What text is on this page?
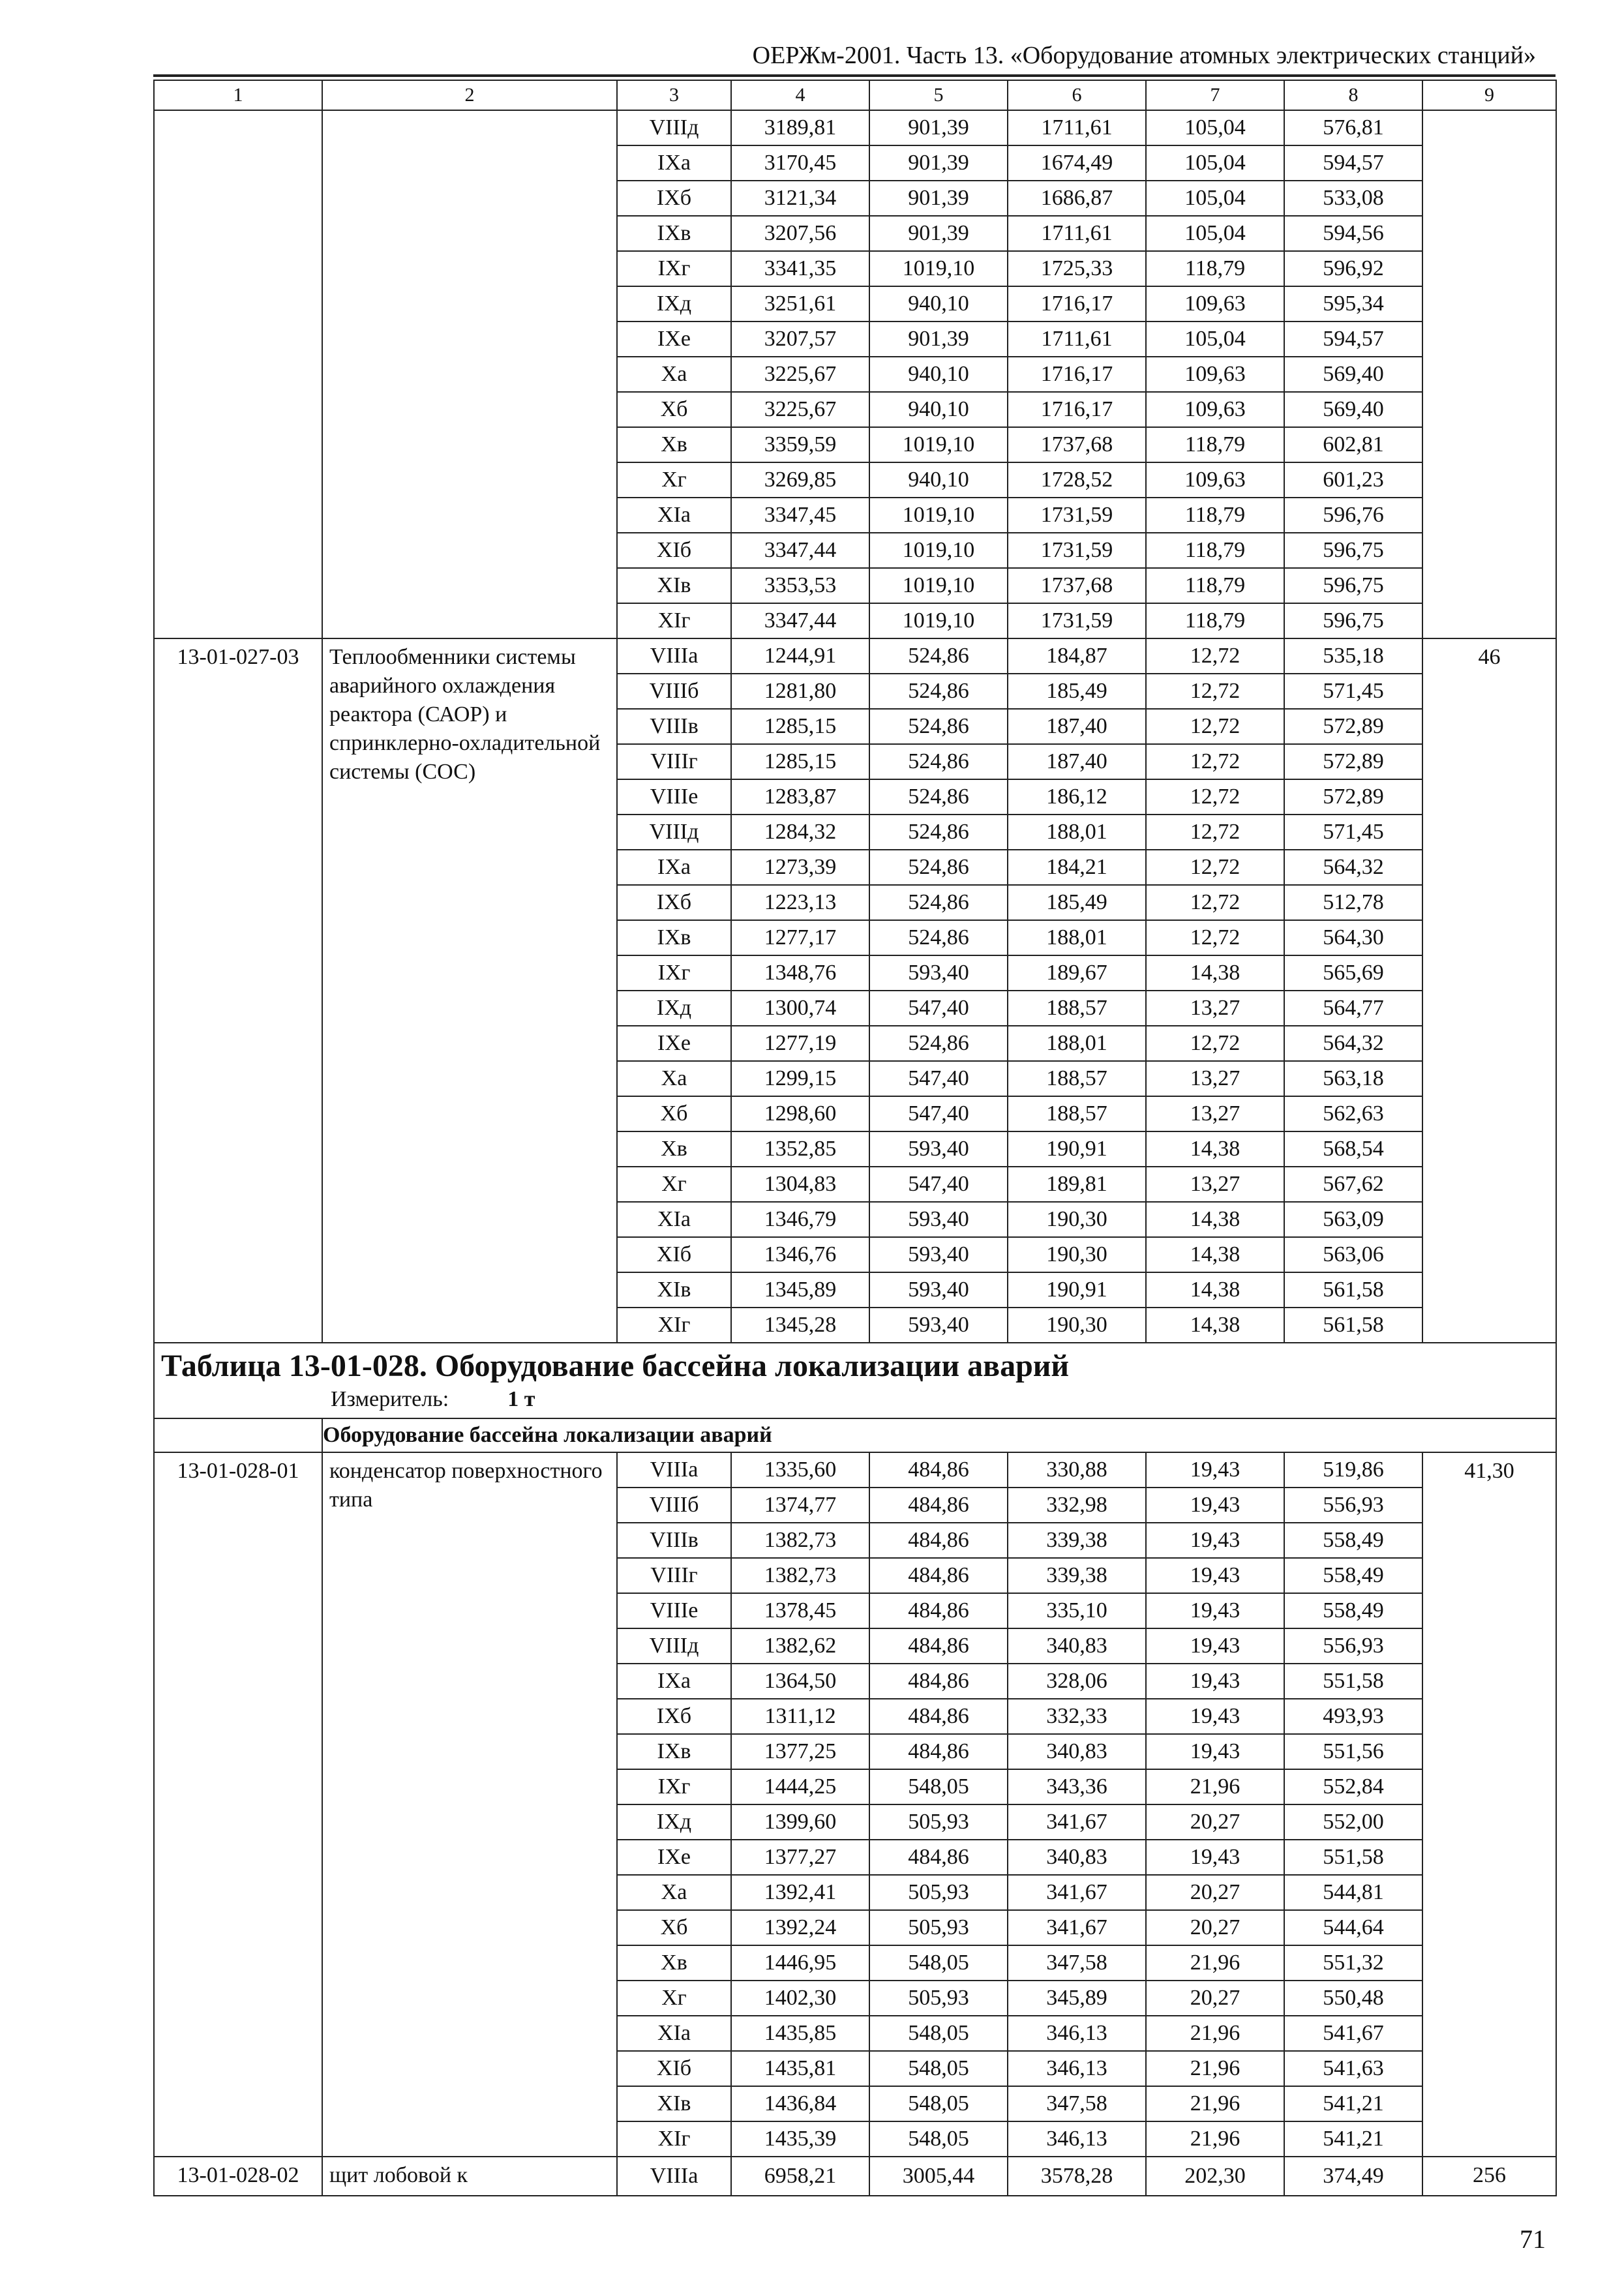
ОЕРЖм-2001. Часть 13. «Оборудование атомных электрических станций»
1	2	3	4	5	6	7	8	9
		VIIIд	3189,81	901,39	1711,61	105,04	576,81	
		IXа	3170,45	901,39	1674,49	105,04	594,57	
		IXб	3121,34	901,39	1686,87	105,04	533,08	
		IXв	3207,56	901,39	1711,61	105,04	594,56	
		IXг	3341,35	1019,10	1725,33	118,79	596,92	
		IXд	3251,61	940,10	1716,17	109,63	595,34	
		IXе	3207,57	901,39	1711,61	105,04	594,57	
		Xа	3225,67	940,10	1716,17	109,63	569,40	
		Xб	3225,67	940,10	1716,17	109,63	569,40	
		Xв	3359,59	1019,10	1737,68	118,79	602,81	
		Xг	3269,85	940,10	1728,52	109,63	601,23	
		XIа	3347,45	1019,10	1731,59	118,79	596,76	
		XIб	3347,44	1019,10	1731,59	118,79	596,75	
		XIв	3353,53	1019,10	1737,68	118,79	596,75	
		XIг	3347,44	1019,10	1731,59	118,79	596,75	
13-01-027-03	Теплообменники системы аварийного охлаждения реактора (САОР) и спринклерно-охладительной системы (СОС)	VIIIа	1244,91	524,86	184,87	12,72	535,18	46
		VIIIб	1281,80	524,86	185,49	12,72	571,45	
		VIIIв	1285,15	524,86	187,40	12,72	572,89	
		VIIIг	1285,15	524,86	187,40	12,72	572,89	
		VIIIе	1283,87	524,86	186,12	12,72	572,89	
		VIIIд	1284,32	524,86	188,01	12,72	571,45	
		IXа	1273,39	524,86	184,21	12,72	564,32	
		IXб	1223,13	524,86	185,49	12,72	512,78	
		IXв	1277,17	524,86	188,01	12,72	564,30	
		IXг	1348,76	593,40	189,67	14,38	565,69	
		IXд	1300,74	547,40	188,57	13,27	564,77	
		IXе	1277,19	524,86	188,01	12,72	564,32	
		Xа	1299,15	547,40	188,57	13,27	563,18	
		Xб	1298,60	547,40	188,57	13,27	562,63	
		Xв	1352,85	593,40	190,91	14,38	568,54	
		Xг	1304,83	547,40	189,81	13,27	567,62	
		XIа	1346,79	593,40	190,30	14,38	563,09	
		XIб	1346,76	593,40	190,30	14,38	563,06	
		XIв	1345,89	593,40	190,91	14,38	561,58	
		XIг	1345,28	593,40	190,30	14,38	561,58	

Таблица 13-01-028. Оборудование бассейна локализации аварий
Измеритель: 1 т								

	Оборудование бассейна локализации аварий							
13-01-028-01	конденсатор поверхностного типа	VIIIа	1335,60	484,86	330,88	19,43	519,86	41,30
		VIIIб	1374,77	484,86	332,98	19,43	556,93	
		VIIIв	1382,73	484,86	339,38	19,43	558,49	
		VIIIг	1382,73	484,86	339,38	19,43	558,49	
		VIIIе	1378,45	484,86	335,10	19,43	558,49	
		VIIIд	1382,62	484,86	340,83	19,43	556,93	
		IXа	1364,50	484,86	328,06	19,43	551,58	
		IXб	1311,12	484,86	332,33	19,43	493,93	
		IXв	1377,25	484,86	340,83	19,43	551,56	
		IXг	1444,25	548,05	343,36	21,96	552,84	
		IXд	1399,60	505,93	341,67	20,27	552,00	
		IXе	1377,27	484,86	340,83	19,43	551,58	
		Xа	1392,41	505,93	341,67	20,27	544,81	
		Xб	1392,24	505,93	341,67	20,27	544,64	
		Xв	1446,95	548,05	347,58	21,96	551,32	
		Xг	1402,30	505,93	345,89	20,27	550,48	
		XIа	1435,85	548,05	346,13	21,96	541,67	
		XIб	1435,81	548,05	346,13	21,96	541,63	
		XIв	1436,84	548,05	347,58	21,96	541,21	
		XIг	1435,39	548,05	346,13	21,96	541,21	
13-01-028-02	щит лобовой к	VIIIа	6958,21	3005,44	3578,28	202,30	374,49	256
71
